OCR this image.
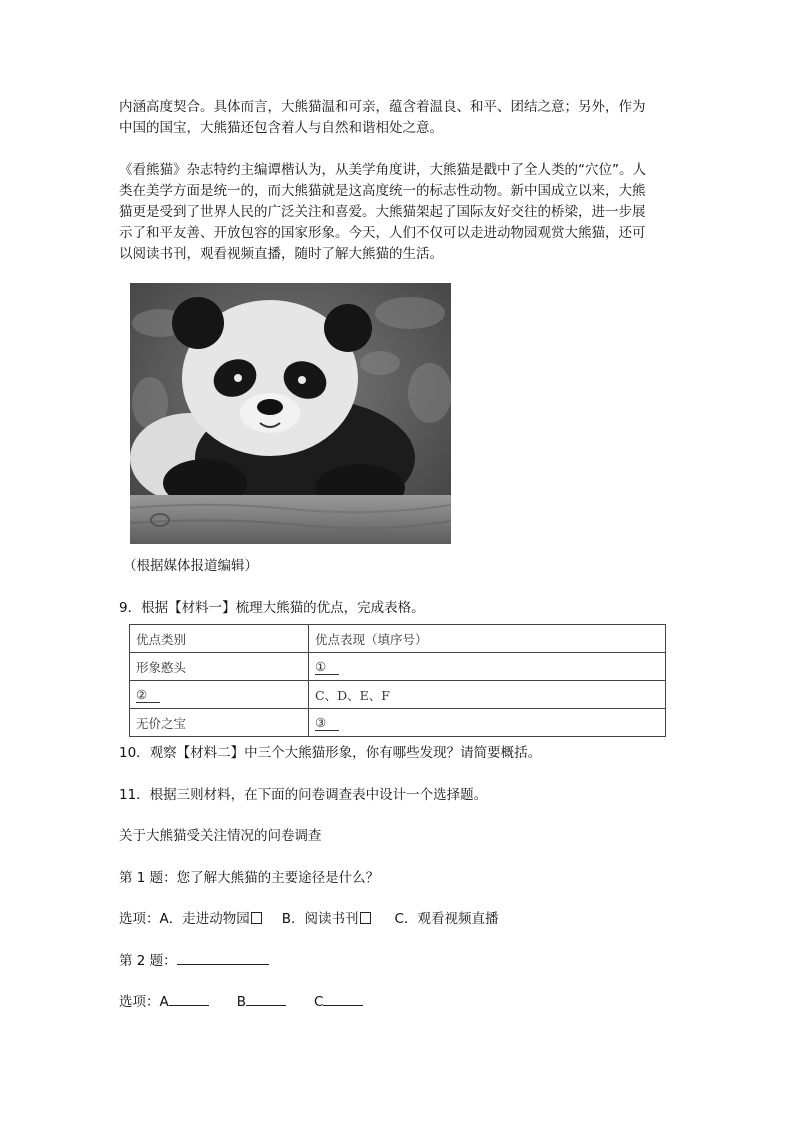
内涵高度契合。具体而言，大熊猫温和可亲，蕴含着温良、和平、团结之意；另外，作为
中国的国宝，大熊猫还包含着人与自然和谐相处之意。
《看熊猫》杂志特约主编谭楷认为，从美学角度讲，大熊猫是戳中了全人类的“穴位”。人
类在美学方面是统一的，而大熊猫就是这高度统一的标志性动物。新中国成立以来，大熊
猫更是受到了世界人民的广泛关注和喜爱。大熊猫架起了国际友好交往的桥梁，进一步展
示了和平友善、开放包容的国家形象。今天，人们不仅可以走进动物园观赏大熊猫，还可
以阅读书刊，观看视频直播，随时了解大熊猫的生活。
（根据媒体报道编辑）
9．根据【材料一】梳理大熊猫的优点，完成表格。
优点类别	优点表现（填序号）
形象憨头	①
②	C、D、E、F
无价之宝	③
10．观察【材料二】中三个大熊猫形象，你有哪些发现？请简要概括。
11．根据三则材料，在下面的问卷调查表中设计一个选择题。
关于大熊猫受关注情况的问卷调查
第 1 题：您了解大熊猫的主要途径是什么？
选项：A．走进动物园 B．阅读书刊	C．观看视频直播
第 2 题：
选项：A	B	C
